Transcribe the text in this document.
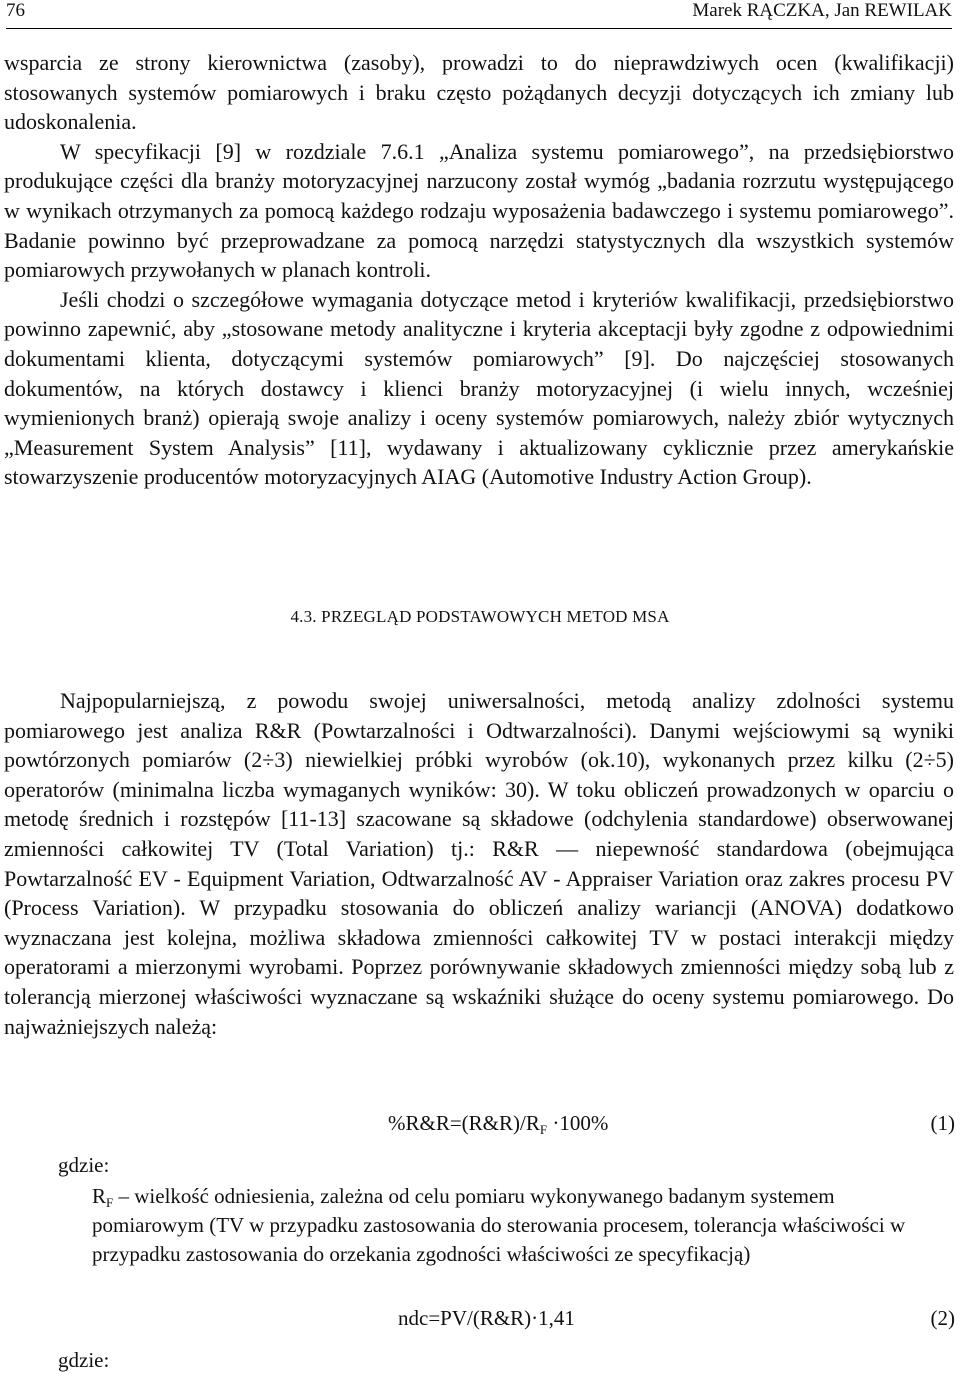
76	Marek RĄCZKA, Jan REWILAK

wsparcia ze strony kierownictwa (zasoby), prowadzi to do nieprawdziwych ocen (kwalifikacji) stosowanych systemów pomiarowych i braku często pożądanych decyzji dotyczących ich zmiany lub udoskonalenia.

W specyfikacji [9] w rozdziale 7.6.1 „Analiza systemu pomiarowego”, na przedsiębiorstwo produkujące części dla branży motoryzacyjnej narzucony został wymóg „badania rozrzutu występującego w wynikach otrzymanych za pomocą każdego rodzaju wyposażenia badawczego i systemu pomiarowego”. Badanie powinno być przeprowadzane za pomocą narzędzi statystycznych dla wszystkich systemów pomiarowych przywołanych w planach kontroli.

Jeśli chodzi o szczegółowe wymagania dotyczące metod i kryteriów kwalifikacji, przedsiębiorstwo powinno zapewnić, aby „stosowane metody analityczne i kryteria akceptacji były zgodne z odpowiednimi dokumentami klienta, dotyczącymi systemów pomiarowych” [9]. Do najczęściej stosowanych dokumentów, na których dostawcy i klienci branży motoryzacyjnej (i wielu innych, wcześniej wymienionych branż) opierają swoje analizy i oceny systemów pomiarowych, należy zbiór wytycznych „Measurement System Analysis” [11], wydawany i aktualizowany cyklicznie przez amerykańskie stowarzyszenie producentów motoryzacyjnych AIAG (Automotive Industry Action Group).

4.3. PRZEGLĄD PODSTAWOWYCH METOD MSA

Najpopularniejszą, z powodu swojej uniwersalności, metodą analizy zdolności systemu pomiarowego jest analiza R&R (Powtarzalności i Odtwarzalności). Danymi wejściowymi są wyniki powtórzonych pomiarów (2÷3) niewielkiej próbki wyrobów (ok.10), wykonanych przez kilku (2÷5) operatorów (minimalna liczba wymaganych wyników: 30). W toku obliczeń prowadzonych w oparciu o metodę średnich i rozstępów [11-13] szacowane są składowe (odchylenia standardowe) obserwowanej zmienności całkowitej TV (Total Variation) tj.: R&R — niepewność standardowa (obejmująca Powtarzalność EV - Equipment Variation, Odtwarzalność AV - Appraiser Variation oraz zakres procesu PV (Process Variation). W przypadku stosowania do obliczeń analizy wariancji (ANOVA) dodatkowo wyznaczana jest kolejna, możliwa składowa zmienności całkowitej TV w postaci interakcji między operatorami a mierzonymi wyrobami. Poprzez porównywanie składowych zmienności między sobą lub z tolerancją mierzonej właściwości wyznaczane są wskaźniki służące do oceny systemu pomiarowego. Do najważniejszych należą:

$\%R\&R=(R\&R)/R_F \cdot 100\%$	(1)
gdzie:

$R_F$ – wielkość odniesienia, zależna od celu pomiaru wykonywanego badanym systemem pomiarowym (TV w przypadku zastosowania do sterowania procesem, tolerancja właściwości w przypadku zastosowania do orzekania zgodności właściwości ze specyfikacją)

ndc=PV/(R&R)·1,41	(2)
gdzie:
